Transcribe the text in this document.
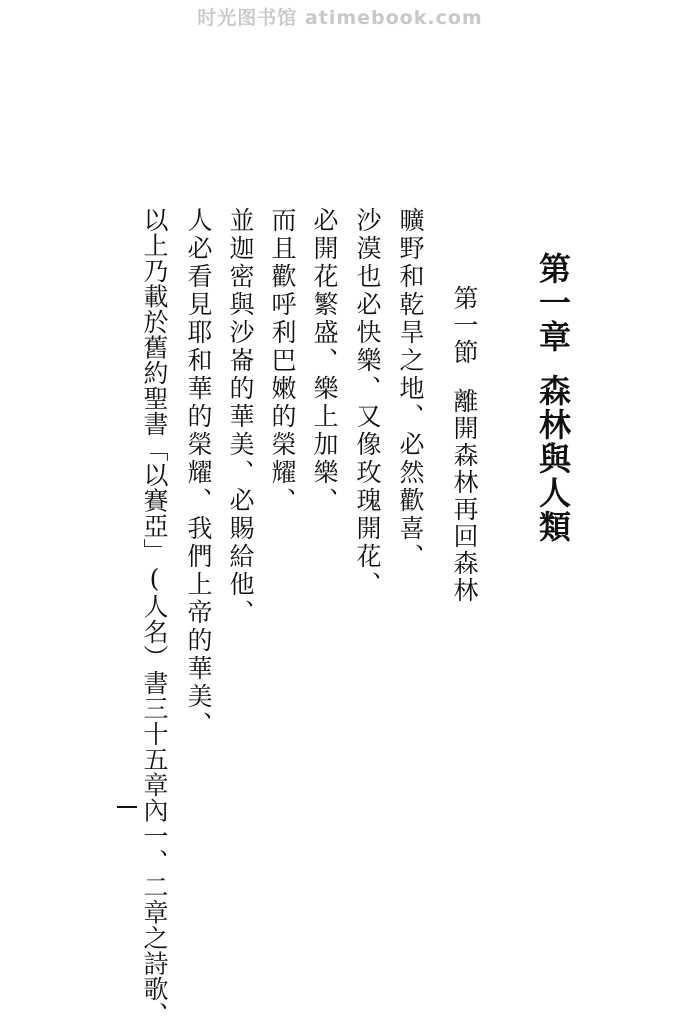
时光图书馆 atimebook.com
第一章森林與人類
第一節離開森林再回森林
曠野和乾旱之地、必然歡喜、
沙漠也必快樂、又像玫瑰開花、
必開花繁盛、樂上加樂、
而且歡呼利巴嫩的榮耀、
並迦密與沙崙的華美、必賜給他、
人必看見耶和華的榮耀、我們上帝的華美、
以上乃載於舊約聖書「以賽亞」(人名）書三十五章內一、二章之詩歌、
